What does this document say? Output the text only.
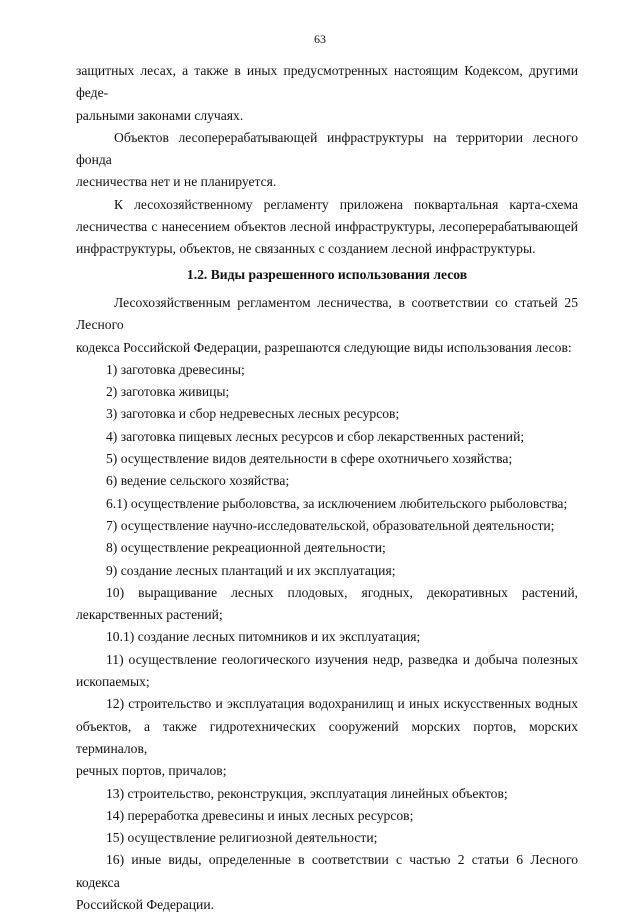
63

защитных лесах, а также в иных предусмотренных настоящим Кодексом, другими феде-
ральными законами случаях.

Объектов лесоперерабатывающей инфраструктуры на территории лесного фонда
лесничества нет и не планируется.

К лесохозяйственному регламенту приложена поквартальная карта-схема
лесничества с нанесением объектов лесной инфраструктуры, лесоперерабатывающей
инфраструктуры, объектов, не связанных с созданием лесной инфраструктуры.

1.2. Виды разрешенного использования лесов

Лесохозяйственным регламентом лесничества, в соответствии со статьей 25 Лесного
кодекса Российской Федерации, разрешаются следующие виды использования лесов:

1) заготовка древесины;

2) заготовка живицы;

3) заготовка и сбор недревесных лесных ресурсов;

4) заготовка пищевых лесных ресурсов и сбор лекарственных растений;

5) осуществление видов деятельности в сфере охотничьего хозяйства;

6) ведение сельского хозяйства;

6.1) осуществление рыболовства, за исключением любительского рыболовства;

7) осуществление научно-исследовательской, образовательной деятельности;

8) осуществление рекреационной деятельности;

9) создание лесных плантаций и их эксплуатация;

10) выращивание лесных плодовых, ягодных, декоративных растений,
лекарственных растений;

10.1) создание лесных питомников и их эксплуатация;

11) осуществление геологического изучения недр, разведка и добыча полезных
ископаемых;

12) строительство и эксплуатация водохранилищ и иных искусственных водных
объектов, а также гидротехнических сооружений морских портов, морских терминалов,
речных портов, причалов;

13) строительство, реконструкция, эксплуатация линейных объектов;

14) переработка древесины и иных лесных ресурсов;

15) осуществление религиозной деятельности;

16) иные виды, определенные в соответствии с частью 2 статьи 6 Лесного кодекса
Российской Федерации.
